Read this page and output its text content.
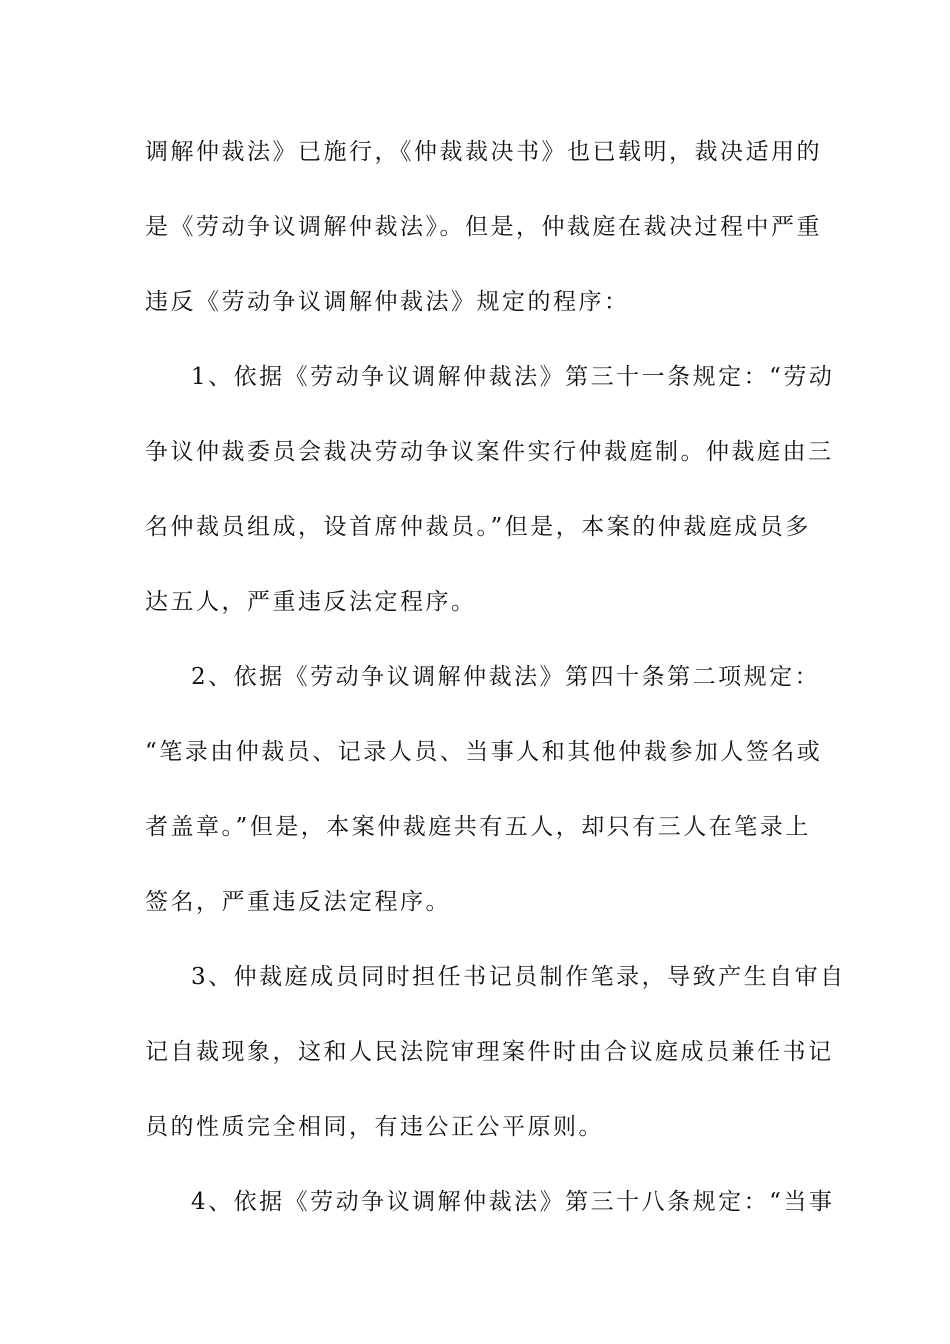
调解仲裁法》已施行，《仲裁裁决书》也已载明，裁决适用的
是《劳动争议调解仲裁法》。但是，仲裁庭在裁决过程中严重
违反《劳动争议调解仲裁法》规定的程序：
1、依据《劳动争议调解仲裁法》第三十一条规定：“劳动
争议仲裁委员会裁决劳动争议案件实行仲裁庭制。仲裁庭由三
名仲裁员组成，设首席仲裁员。”但是，本案的仲裁庭成员多
达五人，严重违反法定程序。
2、依据《劳动争议调解仲裁法》第四十条第二项规定：
“笔录由仲裁员、记录人员、当事人和其他仲裁参加人签名或
者盖章。”但是，本案仲裁庭共有五人，却只有三人在笔录上
签名，严重违反法定程序。
3、仲裁庭成员同时担任书记员制作笔录，导致产生自审自
记自裁现象，这和人民法院审理案件时由合议庭成员兼任书记
员的性质完全相同，有违公正公平原则。
4、依据《劳动争议调解仲裁法》第三十八条规定：“当事
